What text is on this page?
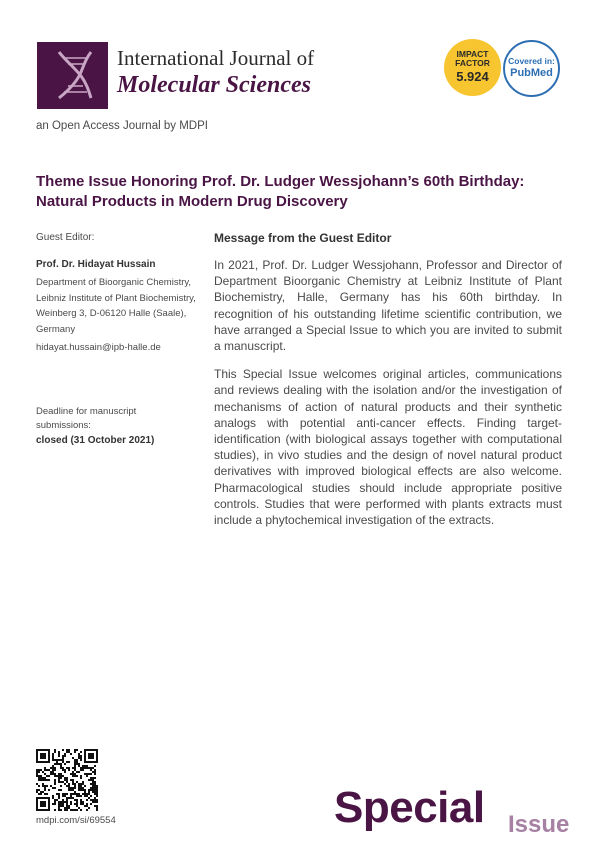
International Journal of
Molecular Sciences
IMPACT
FACTOR
5.924
Covered in:
PubMed
an Open Access Journal by MDPI
Theme Issue Honoring Prof. Dr. Ludger Wessjohann’s 60th Birthday: Natural Products in Modern Drug Discovery
Guest Editor:
Prof. Dr. Hidayat Hussain
Department of Bioorganic Chemistry, Leibniz Institute of Plant Biochemistry, Weinberg 3, D-06120 Halle (Saale), Germany
hidayat.hussain@ipb-halle.de
Deadline for manuscript submissions:
closed (31 October 2021)
Message from the Guest Editor

In 2021, Prof. Dr. Ludger Wessjohann, Professor and Director of Department Bioorganic Chemistry at Leibniz Institute of Plant Biochemistry, Halle, Germany has his 60th birthday. In recognition of his outstanding lifetime scientific contribution, we have arranged a Special Issue to which you are invited to submit a manuscript.

This Special Issue welcomes original articles, communications and reviews dealing with the isolation and/or the investigation of mechanisms of action of natural products and their synthetic analogs with potential anti-cancer effects. Finding target-identification (with biological assays together with computational studies), in vivo studies and the design of novel natural product derivatives with improved biological effects are also welcome. Pharmacological studies should include appropriate positive controls. Studies that were performed with plants extracts must include a phytochemical investigation of the extracts.

mdpi.com/si/69554	Special Issue
